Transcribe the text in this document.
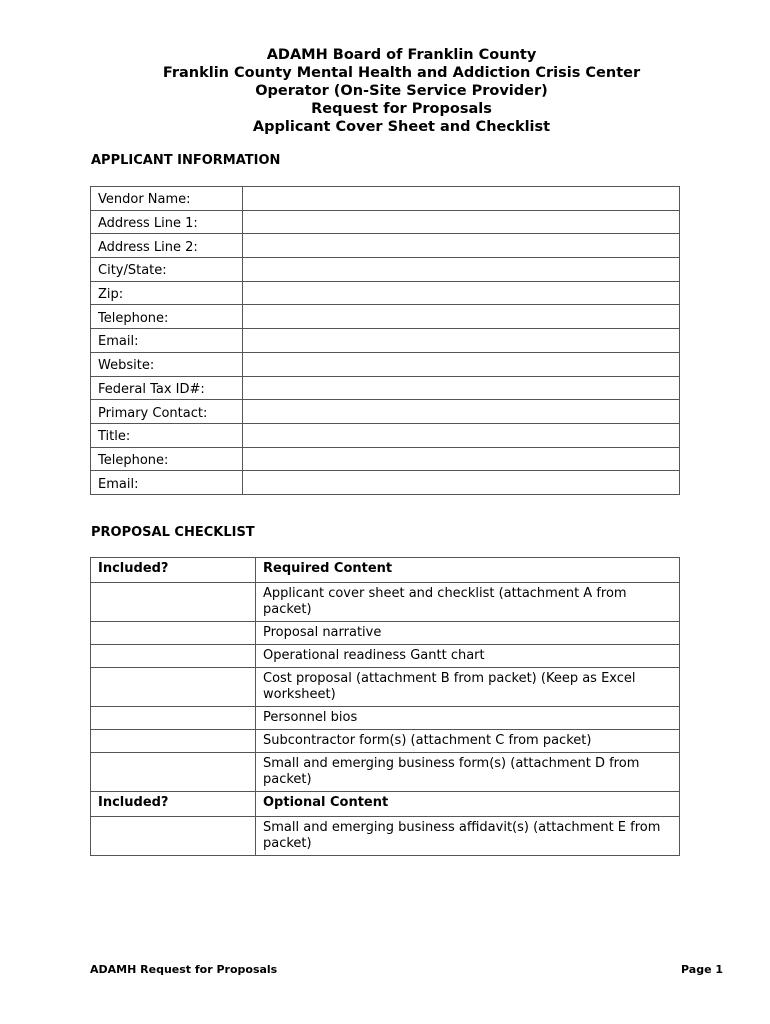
ADAMH Board of Franklin County
Franklin County Mental Health and Addiction Crisis Center
Operator (On-Site Service Provider)
Request for Proposals
Applicant Cover Sheet and Checklist
APPLICANT INFORMATION
Vendor Name:	
Address Line 1:	
Address Line 2:	
City/State:	
Zip:	
Telephone:	
Email:	
Website:	
Federal Tax ID#:	
Primary Contact:	
Title:	
Telephone:	
Email:	
PROPOSAL CHECKLIST
Included?	Required Content
	Applicant cover sheet and checklist (attachment A from packet)
	Proposal narrative
	Operational readiness Gantt chart
	Cost proposal (attachment B from packet) (Keep as Excel worksheet)
	Personnel bios
	Subcontractor form(s) (attachment C from packet)
	Small and emerging business form(s) (attachment D from packet)
Included?	Optional Content
	Small and emerging business affidavit(s) (attachment E from packet)
ADAMH Request for Proposals	Page 1
